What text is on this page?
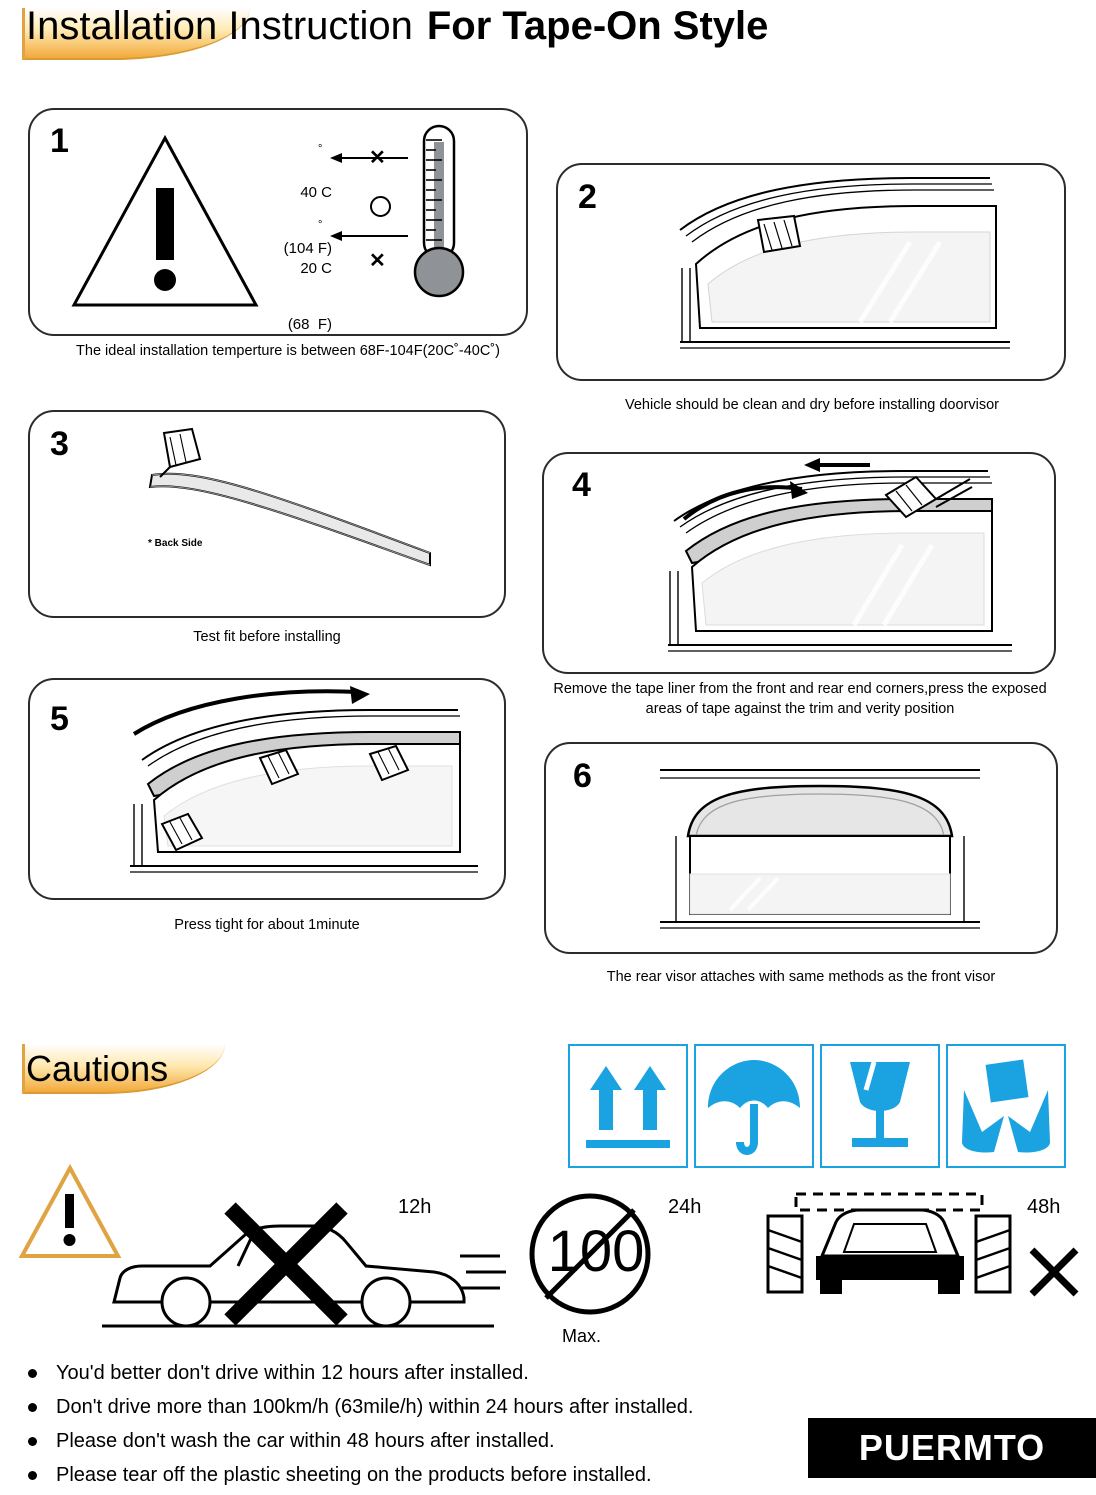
Installation Instruction For Tape-On Style
1

40 C

(104 F)

20 C

(68  F)

°
°
✕
✕
The ideal installation temperture is between 68F-104F(20C˚-40C˚)
2
Vehicle should be clean and dry before installing doorvisor
3
* Back Side
Test fit before installing
4
Remove the tape liner from the front and rear end corners,press the exposed areas of tape against the trim and verity position
5
Press tight for about 1minute
6
The rear visor attaches with same methods as the front visor
Cautions
12h
100
24h
Max.
48h
You'd better don't drive within 12 hours after installed.
Don't drive more than 100km/h (63mile/h) within 24 hours after installed.
Please don't wash the car within 48 hours after installed.
Please tear off the plastic sheeting on the products before installed.
PUERMTO
